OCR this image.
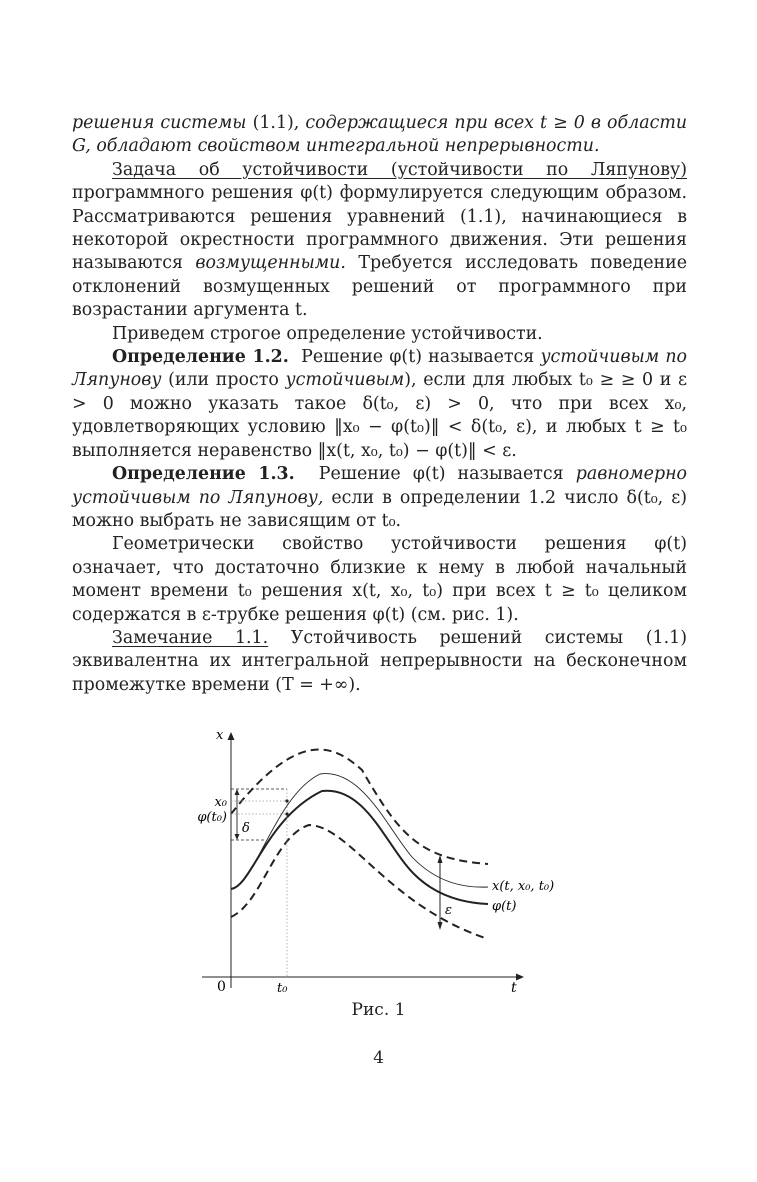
решения системы (1.1), содержащиеся при всех t ≥ 0 в области G, обладают свойством интегральной непрерывности.

Задача об устойчивости (устойчивости по Ляпунову) программного решения φ(t) формулируется следующим образом. Рассматриваются решения уравнений (1.1), начинающиеся в некоторой окрестности программного движения. Эти решения называются возмущенными. Требуется исследовать поведение отклонений возмущенных решений от программного при возрастании аргумента t.

Приведем строгое определение устойчивости.

Определение 1.2. Решение φ(t) называется устойчивым по Ляпунову (или просто устойчивым), если для любых t₀ ≥ ≥ 0 и ε > 0 можно указать такое δ(t₀, ε) > 0, что при всех x₀, удовлетворяющих условию ‖x₀ − φ(t₀)‖ < δ(t₀, ε), и любых t ≥ t₀ выполняется неравенство ‖x(t, x₀, t₀) − φ(t)‖ < ε.

Определение 1.3. Решение φ(t) называется равномерно устойчивым по Ляпунову, если в определении 1.2 число δ(t₀, ε) можно выбрать не зависящим от t₀.

Геометрически свойство устойчивости решения φ(t) означает, что достаточно близкие к нему в любой начальный момент времени t₀ решения x(t, x₀, t₀) при всех t ≥ t₀ целиком содержатся в ε-трубке решения φ(t) (см. рис. 1).

Замечание 1.1. Устойчивость решений системы (1.1) эквивалентна их интегральной непрерывности на бесконечном промежутке времени (T = +∞).

x
t
0	t₀
x₀
φ(t₀)
δ
ε
x(t, x₀, t₀)
φ(t)
Рис. 1
4
